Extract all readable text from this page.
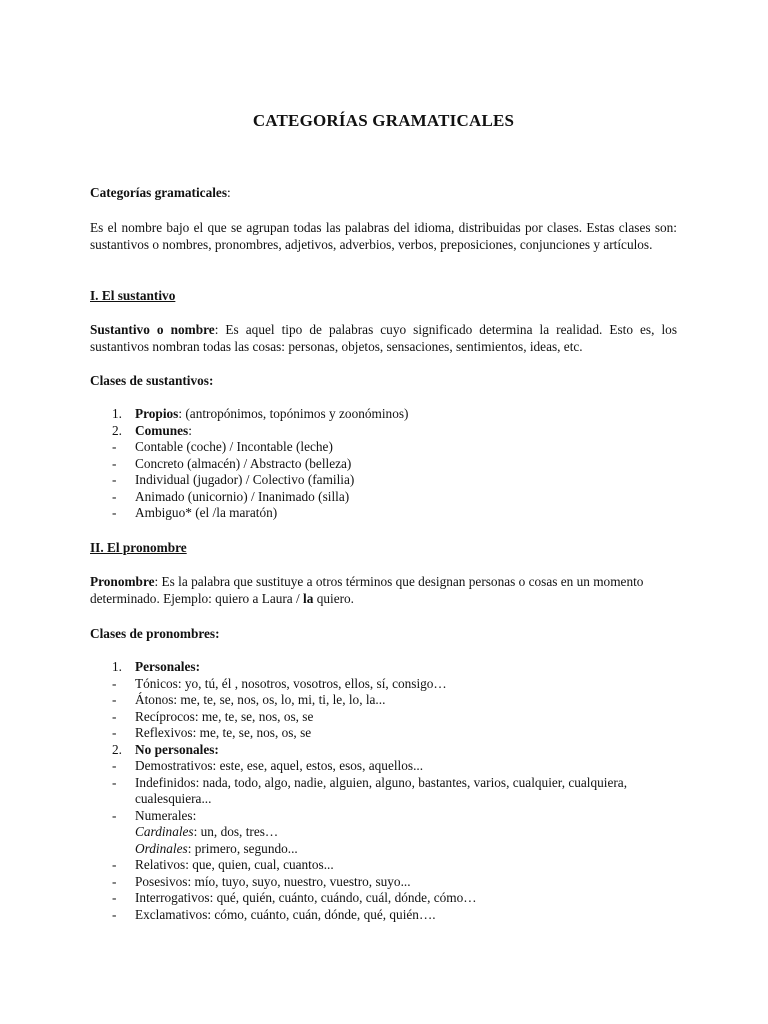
CATEGORÍAS GRAMATICALES
Categorías gramaticales:
Es el nombre bajo el que se agrupan todas las palabras del idioma, distribuidas por clases. Estas clases son: sustantivos o nombres, pronombres, adjetivos, adverbios, verbos, preposiciones, conjunciones y artículos.
I. El sustantivo
Sustantivo o nombre: Es aquel tipo de palabras cuyo significado determina la realidad. Esto es, los sustantivos nombran todas las cosas: personas, objetos, sensaciones, sentimientos, ideas, etc.
Clases de sustantivos:
1. Propios: (antropónimos, topónimos y zoonóminos)
2. Comunes:
- Contable (coche) / Incontable (leche)
- Concreto (almacén) / Abstracto (belleza)
- Individual (jugador) / Colectivo (familia)
- Animado (unicornio) / Inanimado (silla)
- Ambiguo* (el /la maratón)
II. El pronombre
Pronombre: Es la palabra que sustituye a otros términos que designan personas o cosas en un momento determinado. Ejemplo: quiero a Laura / la quiero.
Clases de pronombres:
1. Personales:
- Tónicos: yo, tú, él , nosotros, vosotros, ellos, sí, consigo…
- Átonos: me, te, se, nos, os, lo, mi, ti, le, lo, la...
- Recíprocos: me, te, se, nos, os, se
- Reflexivos: me, te, se, nos, os, se
2. No personales:
- Demostrativos: este, ese, aquel, estos, esos, aquellos...
- Indefinidos: nada, todo, algo, nadie, alguien, alguno, bastantes, varios, cualquier, cualquiera, cualesquiera...
- Numerales:
Cardinales: un, dos, tres…
Ordinales: primero, segundo...
- Relativos: que, quien, cual, cuantos...
- Posesivos: mío, tuyo, suyo, nuestro, vuestro, suyo...
- Interrogativos: qué, quién, cuánto, cuándo, cuál, dónde, cómo…
- Exclamativos: cómo, cuánto, cuán, dónde, qué, quién….
